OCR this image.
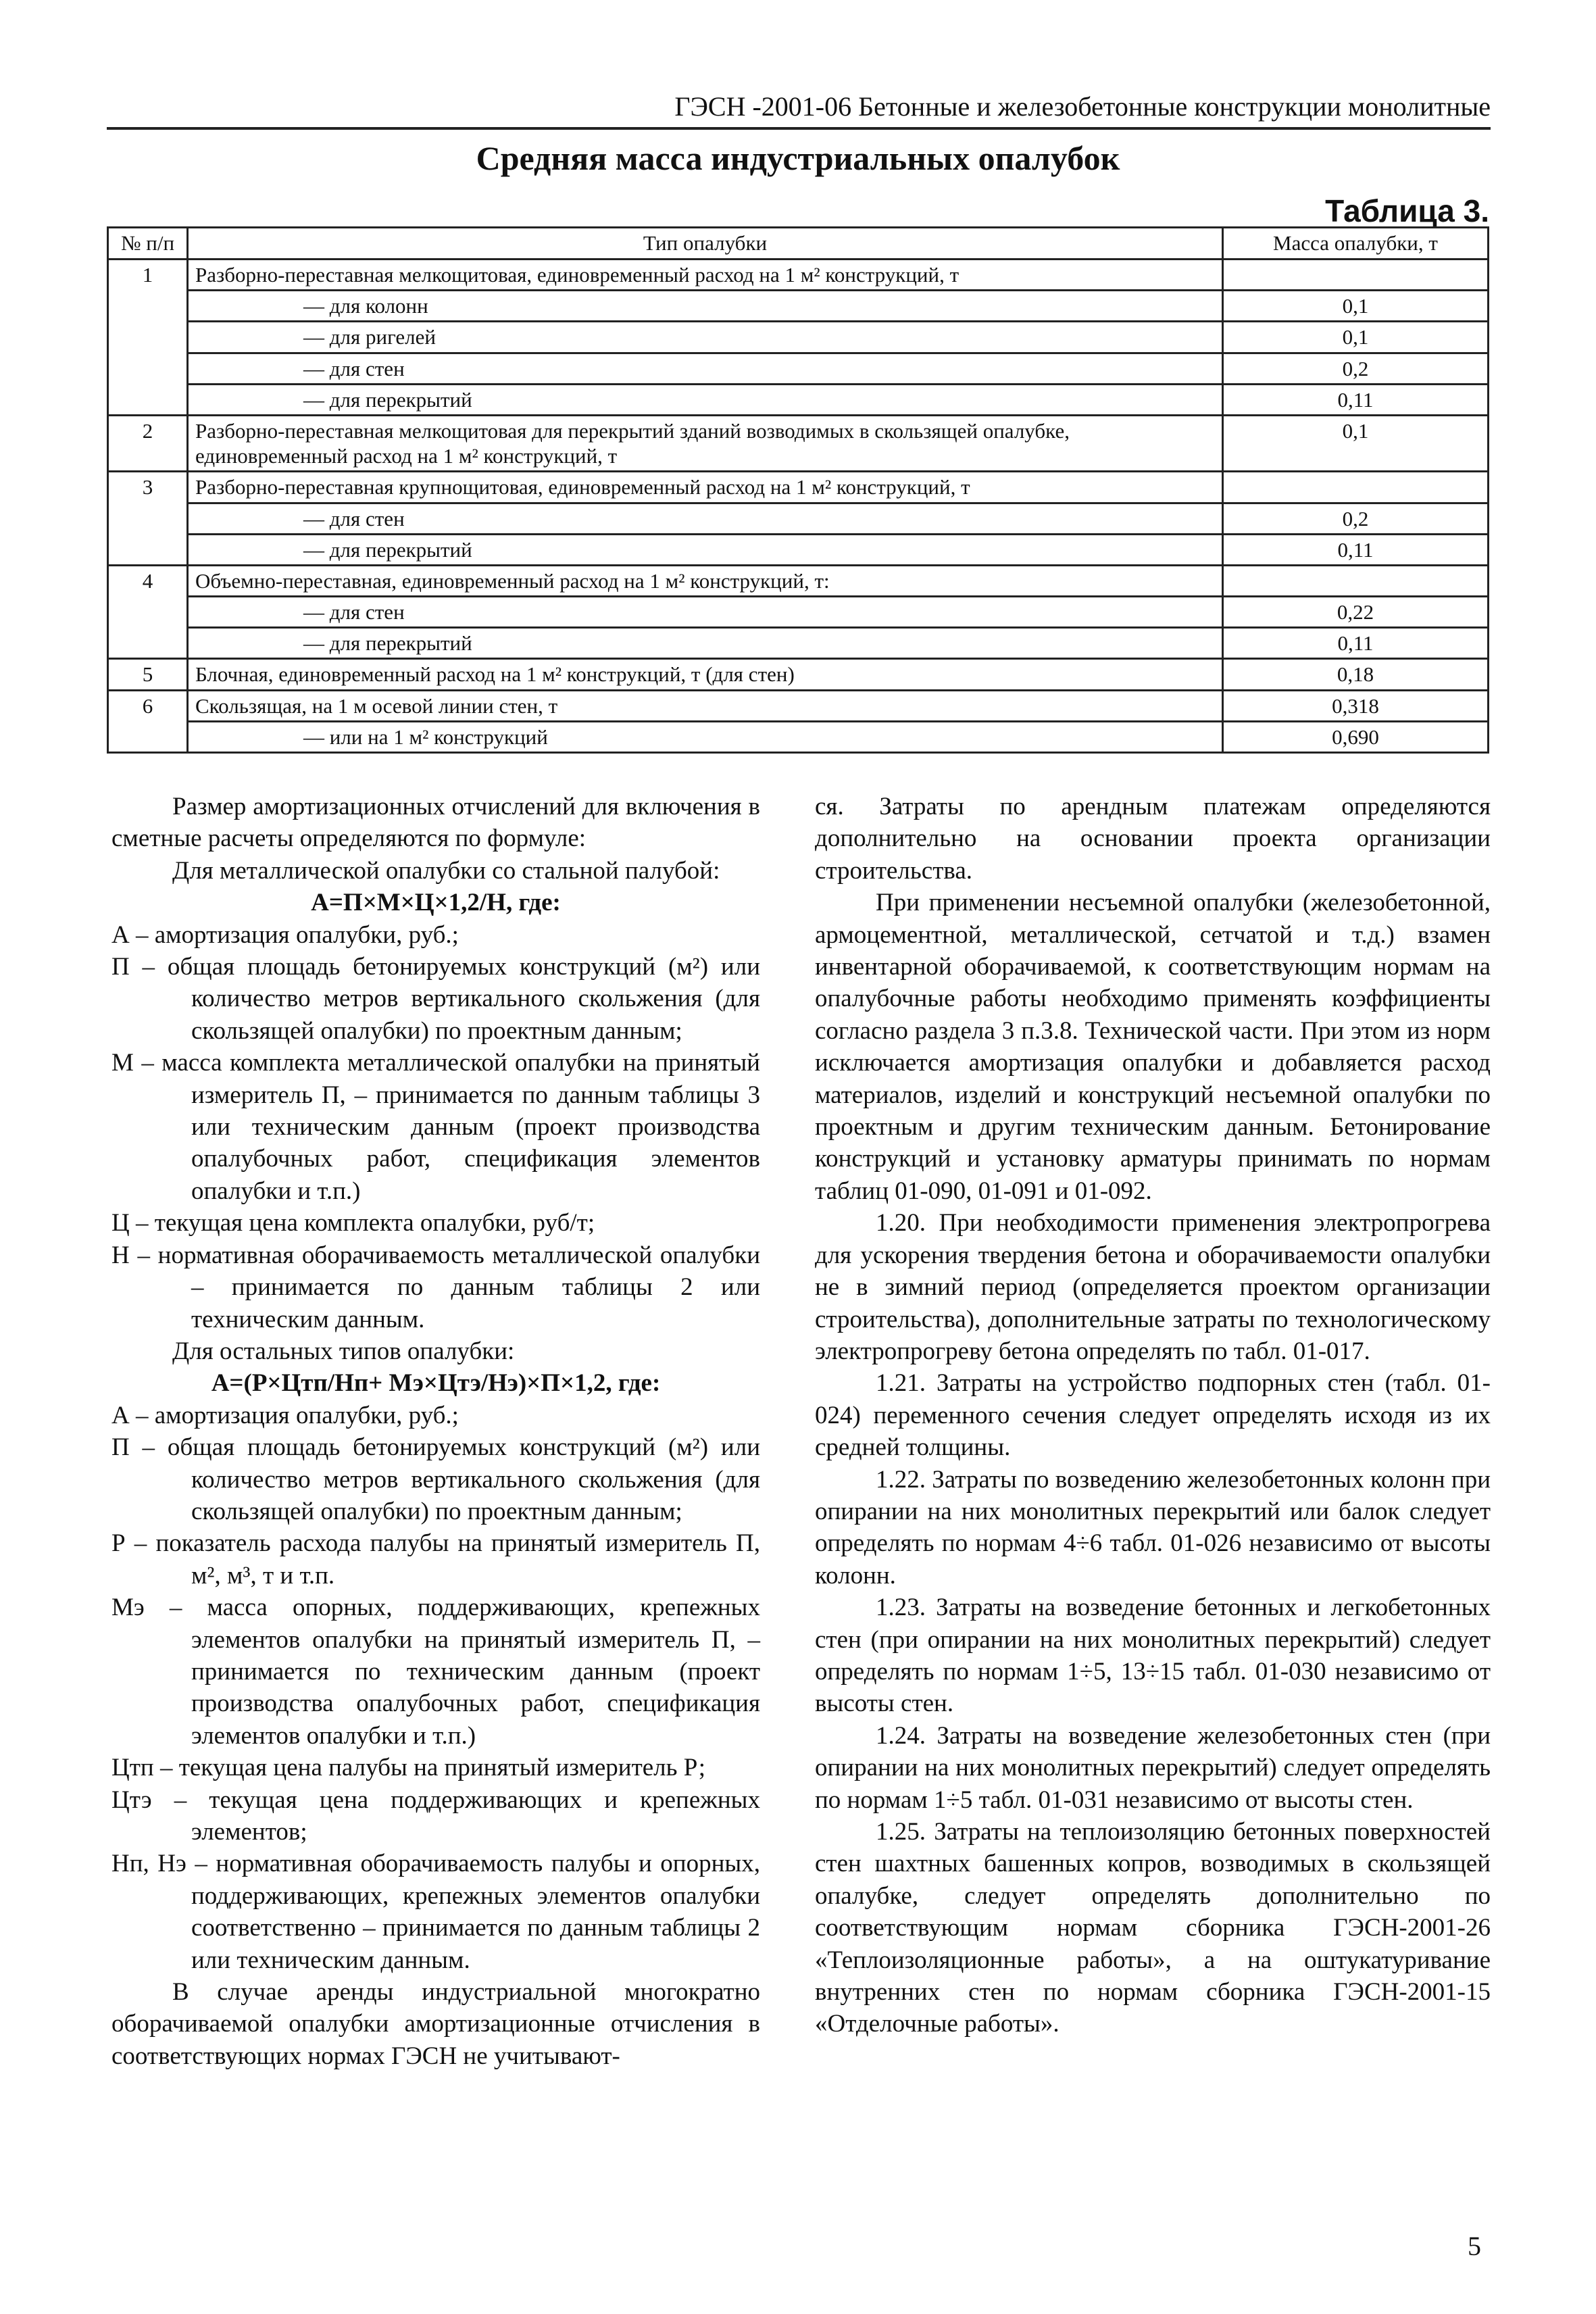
ГЭСН -2001-06 Бетонные и железобетонные конструкции монолитные
Средняя масса индустриальных опалубок
Таблица 3.
№ п/п	Тип опалубки	Масса опалубки, т
1	Разборно-переставная мелкощитовая, единовременный расход на 1 м² конструкций, т	
	— для колонн	0,1
	— для ригелей	0,1
	— для стен	0,2
	— для перекрытий	0,11
2	Разборно-переставная мелкощитовая для перекрытий зданий возводимых в скользящей опалубке, единовременный расход на 1 м² конструкций, т	0,1
3	Разборно-переставная крупнощитовая, единовременный расход на 1 м² конструкций, т	
	— для стен	0,2
	— для перекрытий	0,11
4	Объемно-переставная, единовременный расход на 1 м² конструкций, т:	
	— для стен	0,22
	— для перекрытий	0,11
5	Блочная, единовременный расход на 1 м² конструкций, т (для стен)	0,18
6	Скользящая, на 1 м осевой линии стен, т	0,318
	— или на 1 м² конструкций	0,690

Размер амортизационных отчислений для включения в сметные расчеты определяются по формуле:

Для металлической опалубки со стальной палубой:

А=П×М×Ц×1,2/Н, где:

А – амортизация опалубки, руб.;

П – общая площадь бетонируемых конструкций (м²) или количество метров вертикального скольжения (для скользящей опалубки) по проектным данным;

М – масса комплекта металлической опалубки на принятый измеритель П, – принимается по данным таблицы 3 или техническим данным (проект производства опалубочных работ, спецификация элементов опалубки и т.п.)

Ц – текущая цена комплекта опалубки, руб/т;

Н – нормативная оборачиваемость металлической опалубки – принимается по данным таблицы 2 или техническим данным.

Для остальных типов опалубки:

А=(Р×Цтп/Нп+ Мэ×Цтэ/Нэ)×П×1,2, где:

А – амортизация опалубки, руб.;

П – общая площадь бетонируемых конструкций (м²) или количество метров вертикального скольжения (для скользящей опалубки) по проектным данным;

Р – показатель расхода палубы на принятый измеритель П, м², м³, т и т.п.

Мэ – масса опорных, поддерживающих, крепежных элементов опалубки на принятый измеритель П, – принимается по техническим данным (проект производства опалубочных работ, спецификация элементов опалубки и т.п.)

Цтп – текущая цена палубы на принятый измеритель Р;

Цтэ – текущая цена поддерживающих и крепежных элементов;

Нп, Нэ – нормативная оборачиваемость палубы и опорных, поддерживающих, крепежных элементов опалубки соответственно – принимается по данным таблицы 2 или техническим данным.

В случае аренды индустриальной многократно оборачиваемой опалубки амортизационные отчисления в соответствующих нормах ГЭСН не учитывают-

ся. Затраты по арендным платежам определяются дополнительно на основании проекта организации строительства.

При применении несъемной опалубки (железобетонной, армоцементной, металлической, сетчатой и т.д.) взамен инвентарной оборачиваемой, к соответствующим нормам на опалубочные работы необходимо применять коэффициенты согласно раздела 3 п.3.8. Технической части. При этом из норм исключается амортизация опалубки и добавляется расход материалов, изделий и конструкций несъемной опалубки по проектным и другим техническим данным. Бетонирование конструкций и установку арматуры принимать по нормам таблиц 01-090, 01-091 и 01-092.

1.20. При необходимости применения электропрогрева для ускорения твердения бетона и оборачиваемости опалубки не в зимний период (определяется проектом организации строительства), дополнительные затраты по технологическому электропрогреву бетона определять по табл. 01-017.

1.21. Затраты на устройство подпорных стен (табл. 01-024) переменного сечения следует определять исходя из их средней толщины.

1.22. Затраты по возведению железобетонных колонн при опирании на них монолитных перекрытий или балок следует определять по нормам 4÷6 табл. 01-026 независимо от высоты колонн.

1.23. Затраты на возведение бетонных и легкобетонных стен (при опирании на них монолитных перекрытий) следует определять по нормам 1÷5, 13÷15 табл. 01-030 независимо от высоты стен.

1.24. Затраты на возведение железобетонных стен (при опирании на них монолитных перекрытий) следует определять по нормам 1÷5 табл. 01-031 независимо от высоты стен.

1.25. Затраты на теплоизоляцию бетонных поверхностей стен шахтных башенных копров, возводимых в скользящей опалубке, следует определять дополнительно по соответствующим нормам сборника ГЭСН-2001-26 «Теплоизоляционные работы», а на оштукатуривание внутренних стен по нормам сборника ГЭСН-2001-15 «Отделочные работы».

5
